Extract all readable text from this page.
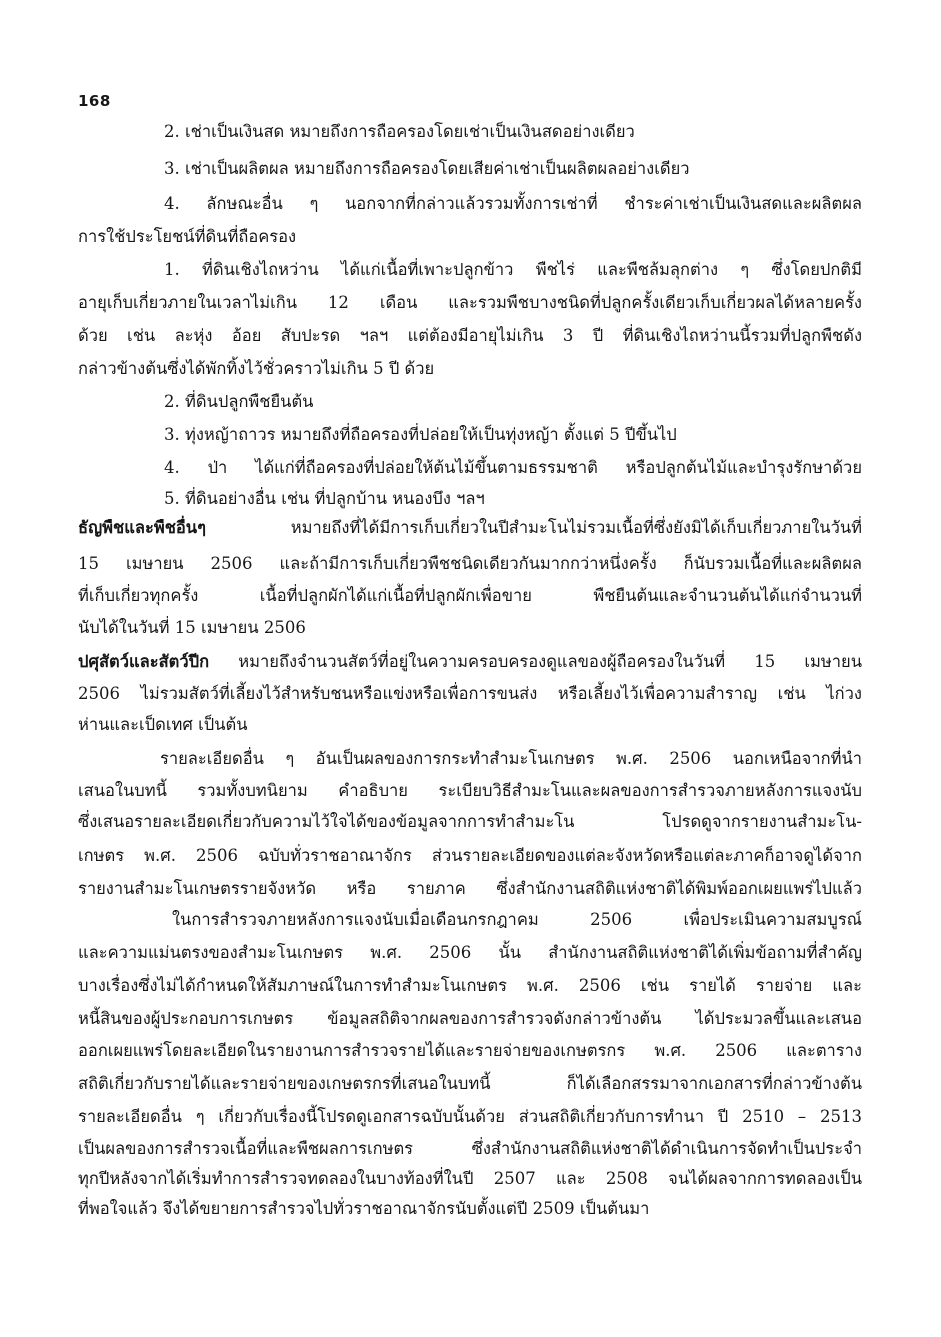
168
2. เช่าเป็นเงินสด หมายถึงการถือครองโดยเช่าเป็นเงินสดอย่างเดียว
3. เช่าเป็นผลิตผล หมายถึงการถือครองโดยเสียค่าเช่าเป็นผลิตผลอย่างเดียว
4. ลักษณะอื่น ๆ นอกจากที่กล่าวแล้วรวมทั้งการเช่าที่ ชำระค่าเช่าเป็นเงินสดและผลิตผล
การใช้ประโยชน์ที่ดินที่ถือครอง
1. ที่ดินเชิงไถหว่าน ได้แก่เนื้อที่เพาะปลูกข้าว พืชไร่ และพืชล้มลุกต่าง ๆ ซึ่งโดยปกติมี
อายุเก็บเกี่ยวภายในเวลาไม่เกิน 12 เดือน และรวมพืชบางชนิดที่ปลูกครั้งเดียวเก็บเกี่ยวผลได้หลายครั้ง
ด้วย เช่น ละหุ่ง อ้อย สับปะรด ฯลฯ แต่ต้องมีอายุไม่เกิน 3 ปี ที่ดินเชิงไถหว่านนี้รวมที่ปลูกพืชดัง
กล่าวข้างต้นซึ่งได้พักทิ้งไว้ชั่วคราวไม่เกิน 5 ปี ด้วย
2. ที่ดินปลูกพืชยืนต้น
3. ทุ่งหญ้าถาวร หมายถึงที่ถือครองที่ปล่อยให้เป็นทุ่งหญ้า ตั้งแต่ 5 ปีขึ้นไป
4. ป่า ได้แก่ที่ถือครองที่ปล่อยให้ต้นไม้ขึ้นตามธรรมชาติ หรือปลูกต้นไม้และบำรุงรักษาด้วย
5. ที่ดินอย่างอื่น เช่น ที่ปลูกบ้าน หนองบึง ฯลฯ
ธัญพืชและพืชอื่นๆ หมายถึงที่ได้มีการเก็บเกี่ยวในปีสำมะโนไม่รวมเนื้อที่ซึ่งยังมิได้เก็บเกี่ยวภายในวันที่
15 เมษายน 2506 และถ้ามีการเก็บเกี่ยวพืชชนิดเดียวกันมากกว่าหนึ่งครั้ง ก็นับรวมเนื้อที่และผลิตผล
ที่เก็บเกี่ยวทุกครั้ง เนื้อที่ปลูกผักได้แก่เนื้อที่ปลูกผักเพื่อขาย พืชยืนต้นและจำนวนต้นได้แก่จำนวนที่
นับได้ในวันที่ 15 เมษายน 2506
ปศุสัตว์และสัตว์ปีก หมายถึงจำนวนสัตว์ที่อยู่ในความครอบครองดูแลของผู้ถือครองในวันที่ 15 เมษายน
2506 ไม่รวมสัตว์ที่เลี้ยงไว้สำหรับชนหรือแข่งหรือเพื่อการขนส่ง หรือเลี้ยงไว้เพื่อความสำราญ เช่น ไก่วง
ห่านและเป็ดเทศ เป็นต้น
รายละเอียดอื่น ๆ อันเป็นผลของการกระทำสำมะโนเกษตร พ.ศ. 2506 นอกเหนือจากที่นำ
เสนอในบทนี้ รวมทั้งบทนิยาม คำอธิบาย ระเบียบวิธีสำมะโนและผลของการสำรวจภายหลังการแจงนับ
ซึ่งเสนอรายละเอียดเกี่ยวกับความไว้ใจได้ของข้อมูลจากการทำสำมะโน โปรดดูจากรายงานสำมะโน-
เกษตร พ.ศ. 2506 ฉบับทั่วราชอาณาจักร ส่วนรายละเอียดของแต่ละจังหวัดหรือแต่ละภาคก็อาจดูได้จาก
รายงานสำมะโนเกษตรรายจังหวัด หรือ รายภาค ซึ่งสำนักงานสถิติแห่งชาติได้พิมพ์ออกเผยแพร่ไปแล้ว
ในการสำรวจภายหลังการแจงนับเมื่อเดือนกรกฎาคม 2506 เพื่อประเมินความสมบูรณ์
และความแม่นตรงของสำมะโนเกษตร พ.ศ. 2506 นั้น สำนักงานสถิติแห่งชาติได้เพิ่มข้อถามที่สำคัญ
บางเรื่องซึ่งไม่ได้กำหนดให้สัมภาษณ์ในการทำสำมะโนเกษตร พ.ศ. 2506 เช่น รายได้ รายจ่าย และ
หนี้สินของผู้ประกอบการเกษตร ข้อมูลสถิติจากผลของการสำรวจดังกล่าวข้างต้น ได้ประมวลขึ้นและเสนอ
ออกเผยแพร่โดยละเอียดในรายงานการสำรวจรายได้และรายจ่ายของเกษตรกร พ.ศ. 2506 และตาราง
สถิติเกี่ยวกับรายได้และรายจ่ายของเกษตรกรที่เสนอในบทนี้ ก็ได้เลือกสรรมาจากเอกสารที่กล่าวข้างต้น
รายละเอียดอื่น ๆ เกี่ยวกับเรื่องนี้โปรดดูเอกสารฉบับนั้นด้วย ส่วนสถิติเกี่ยวกับการทำนา ปี 2510 – 2513
เป็นผลของการสำรวจเนื้อที่และพืชผลการเกษตร ซึ่งสำนักงานสถิติแห่งชาติได้ดำเนินการจัดทำเป็นประจำ
ทุกปีหลังจากได้เริ่มทำการสำรวจทดลองในบางท้องที่ในปี 2507 และ 2508 จนได้ผลจากการทดลองเป็น
ที่พอใจแล้ว จึงได้ขยายการสำรวจไปทั่วราชอาณาจักรนับตั้งแต่ปี 2509 เป็นต้นมา
